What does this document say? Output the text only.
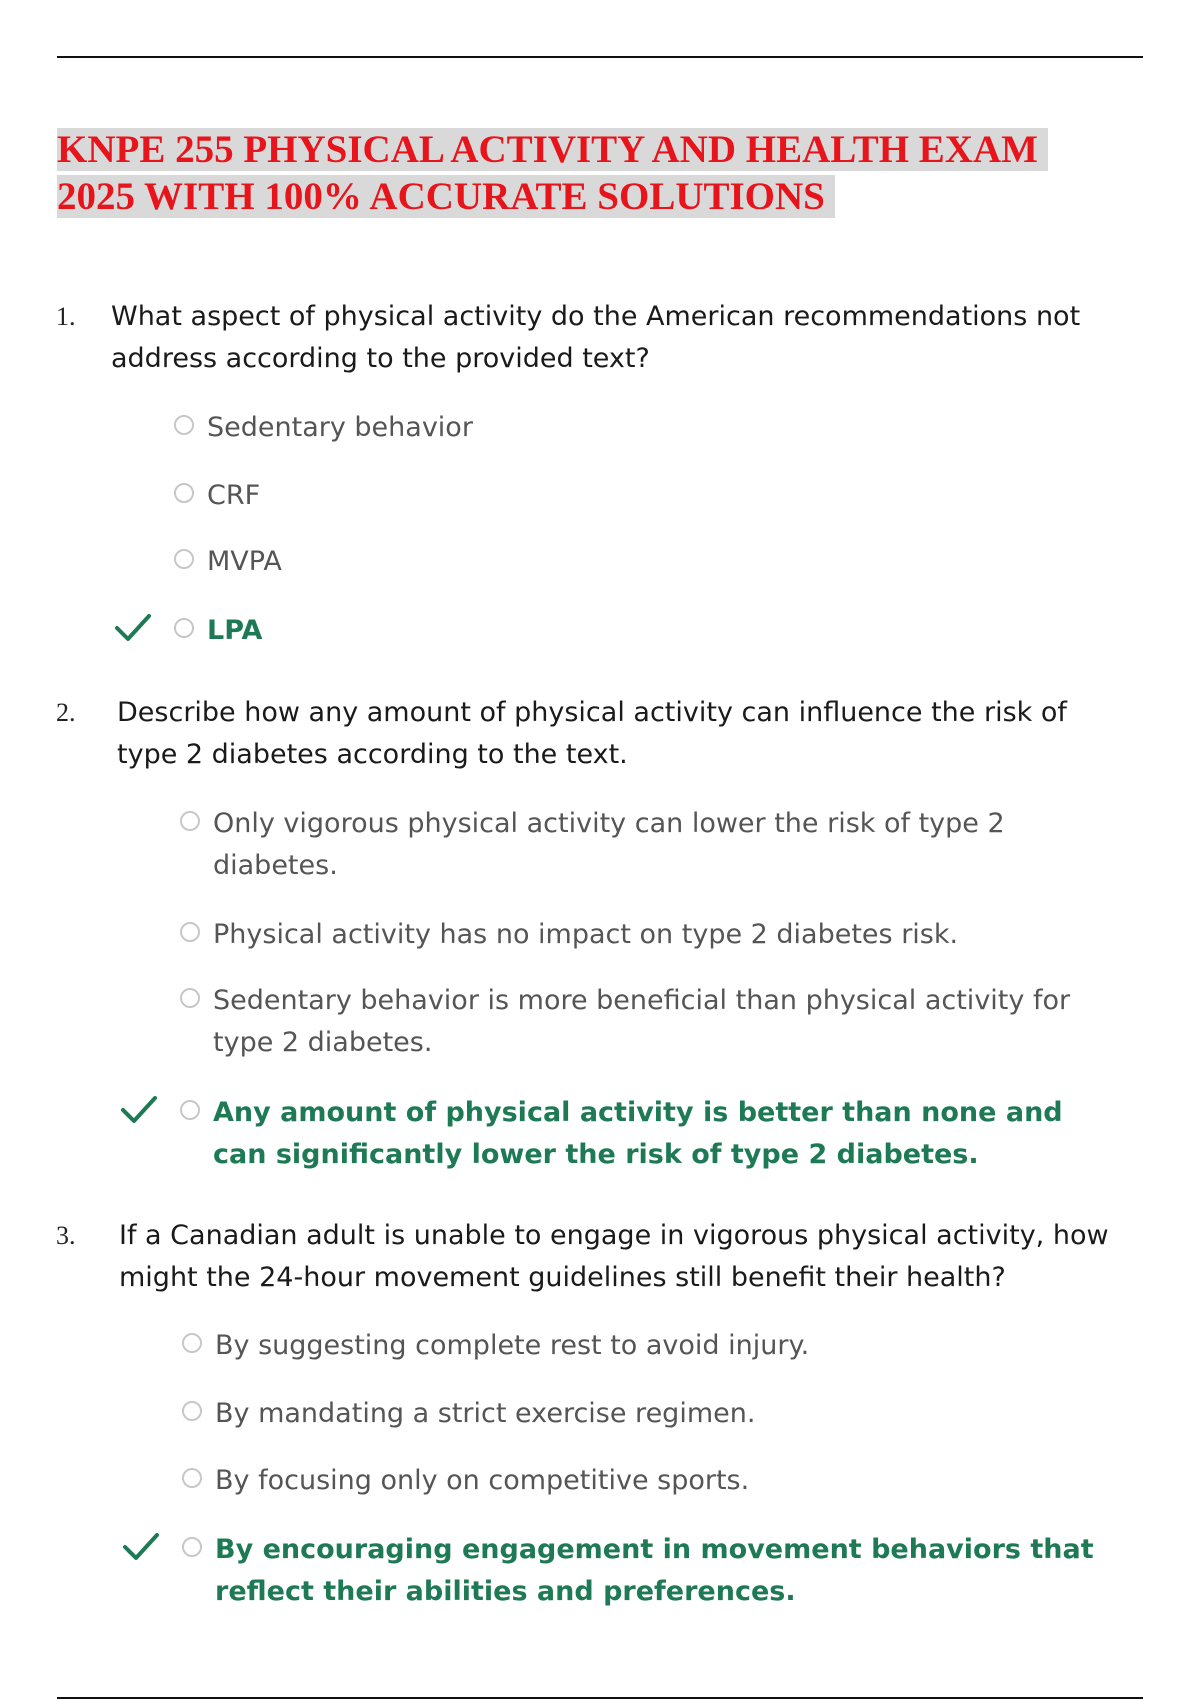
KNPE 255 PHYSICAL ACTIVITY AND HEALTH EXAM
2025 WITH 100% ACCURATE SOLUTIONS
1. What aspect of physical activity do the American recommendations not address according to the provided text?

Sedentary behavior
CRF
MVPA
LPA
2. Describe how any amount of physical activity can influence the risk of type 2 diabetes according to the text.

Only vigorous physical activity can lower the risk of type 2 diabetes.
Physical activity has no impact on type 2 diabetes risk.
Sedentary behavior is more beneficial than physical activity for type 2 diabetes.
Any amount of physical activity is better than none and can significantly lower the risk of type 2 diabetes.
3. If a Canadian adult is unable to engage in vigorous physical activity, how might the 24-hour movement guidelines still benefit their health?

By suggesting complete rest to avoid injury.
By mandating a strict exercise regimen.
By focusing only on competitive sports.
By encouraging engagement in movement behaviors that reflect their abilities and preferences.
